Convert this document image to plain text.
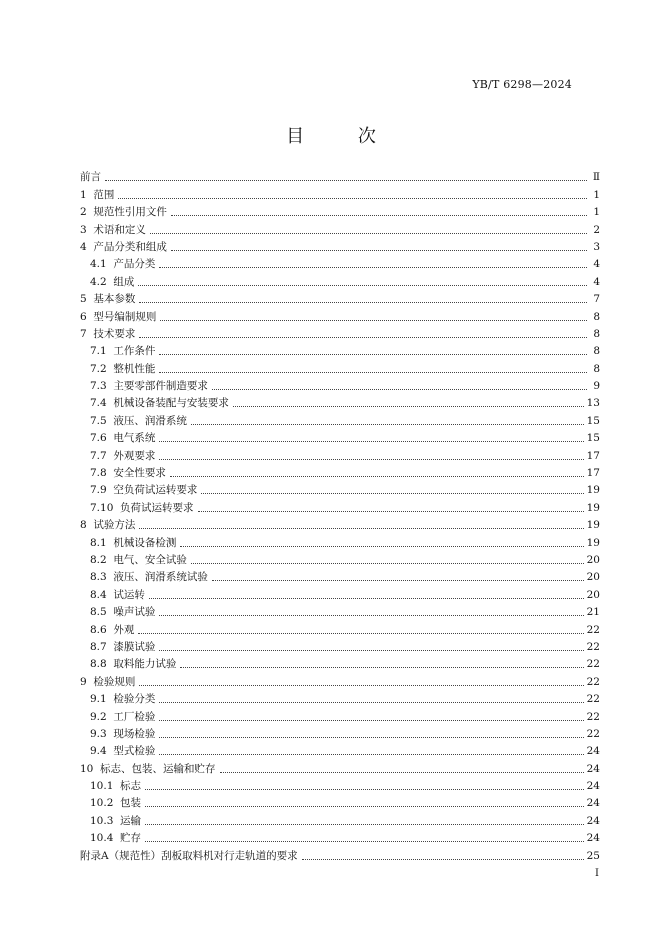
YB/T 6298—2024
目 次
前言	Ⅱ
1  范围	1
2  规范性引用文件	1
3  术语和定义	2
4  产品分类和组成	3
4.1  产品分类	4
4.2  组成	4
5  基本参数	7
6  型号编制规则	8
7  技术要求	8
7.1  工作条件	8
7.2  整机性能	8
7.3  主要零部件制造要求	9
7.4  机械设备装配与安装要求	13
7.5  液压、润滑系统	15
7.6  电气系统	15
7.7  外观要求	17
7.8  安全性要求	17
7.9  空负荷试运转要求	19
7.10  负荷试运转要求	19
8  试验方法	19
8.1  机械设备检测	19
8.2  电气、安全试验	20
8.3  液压、润滑系统试验	20
8.4  试运转	20
8.5  噪声试验	21
8.6  外观	22
8.7  漆膜试验	22
8.8  取料能力试验	22
9  检验规则	22
9.1  检验分类	22
9.2  工厂检验	22
9.3  现场检验	22
9.4  型式检验	24
10  标志、包装、运输和贮存	24
10.1  标志	24
10.2  包装	24
10.3  运输	24
10.4  贮存	24
附录A（规范性）刮板取料机对行走轨道的要求	25
I
